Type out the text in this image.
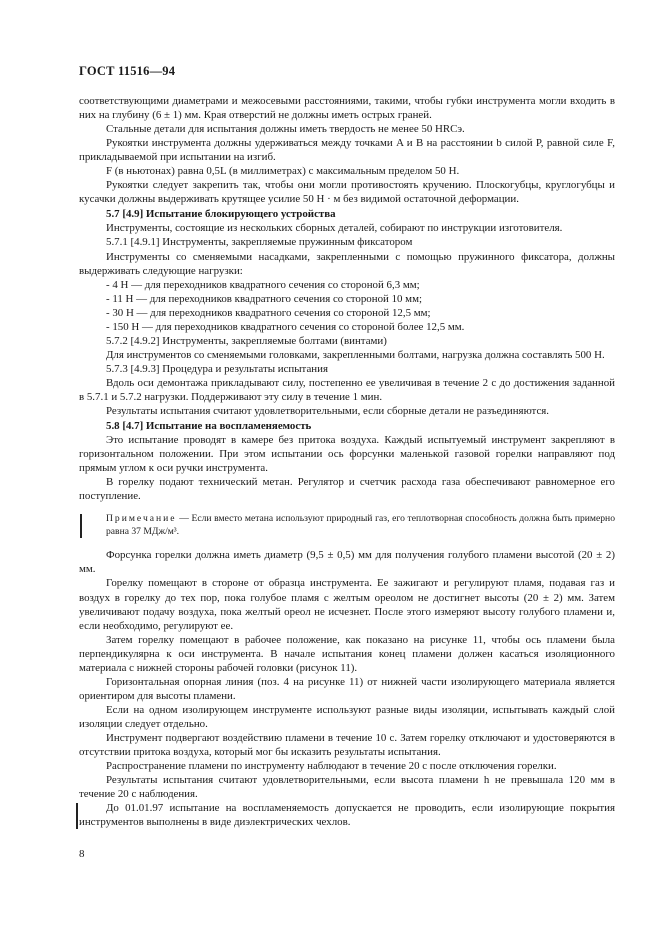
ГОСТ 11516—94

соответствующими диаметрами и межосевыми расстояниями, такими, чтобы губки инструмента могли входить в них на глубину (6 ± 1) мм. Края отверстий не должны иметь острых граней.

Стальные детали для испытания должны иметь твердость не менее 50 HRCэ.

Рукоятки инструмента должны удерживаться между точками A и B на расстоянии b силой P, равной силе F, прикладываемой при испытании на изгиб.

F (в ньютонах) равна 0,5L (в миллиметрах) с максимальным пределом 50 Н.

Рукоятки следует закрепить так, чтобы они могли противостоять кручению. Плоскогубцы, круглогубцы и кусачки должны выдерживать крутящее усилие 50 Н · м без видимой остаточной деформации.

5.7 [4.9] Испытание блокирующего устройства

Инструменты, состоящие из нескольких сборных деталей, собирают по инструкции изготовителя.

5.7.1 [4.9.1] Инструменты, закрепляемые пружинным фиксатором

Инструменты со сменяемыми насадками, закрепленными с помощью пружинного фиксатора, должны выдерживать следующие нагрузки:

- 4 Н — для переходников квадратного сечения со стороной 6,3 мм;

- 11 Н — для переходников квадратного сечения со стороной 10 мм;

- 30 Н — для переходников квадратного сечения со стороной 12,5 мм;

- 150 Н — для переходников квадратного сечения со стороной более 12,5 мм.

5.7.2 [4.9.2] Инструменты, закрепляемые болтами (винтами)

Для инструментов со сменяемыми головками, закрепленными болтами, нагрузка должна составлять 500 Н.

5.7.3 [4.9.3] Процедура и результаты испытания

Вдоль оси демонтажа прикладывают силу, постепенно ее увеличивая в течение 2 с до достижения заданной в 5.7.1 и 5.7.2 нагрузки. Поддерживают эту силу в течение 1 мин.

Результаты испытания считают удовлетворительными, если сборные детали не разъединяются.

5.8 [4.7] Испытание на воспламеняемость

Это испытание проводят в камере без притока воздуха. Каждый испытуемый инструмент закрепляют в горизонтальном положении. При этом испытании ось форсунки маленькой газовой горелки направляют под прямым углом к оси ручки инструмента.

В горелку подают технический метан. Регулятор и счетчик расхода газа обеспечивают равномерное его поступление.

Примечание — Если вместо метана используют природный газ, его теплотворная способность должна быть примерно равна 37 МДж/м³.

Форсунка горелки должна иметь диаметр (9,5 ± 0,5) мм для получения голубого пламени высотой (20 ± 2) мм.

Горелку помещают в стороне от образца инструмента. Ее зажигают и регулируют пламя, подавая газ и воздух в горелку до тех пор, пока голубое пламя с желтым ореолом не достигнет высоты (20 ± 2) мм. Затем увеличивают подачу воздуха, пока желтый ореол не исчезнет. После этого измеряют высоту голубого пламени и, если необходимо, регулируют ее.

Затем горелку помещают в рабочее положение, как показано на рисунке 11, чтобы ось пламени была перпендикулярна к оси инструмента. В начале испытания конец пламени должен касаться изоляционного материала с нижней стороны рабочей головки (рисунок 11).

Горизонтальная опорная линия (поз. 4 на рисунке 11) от нижней части изолирующего материала является ориентиром для высоты пламени.

Если на одном изолирующем инструменте используют разные виды изоляции, испытывать каждый слой изоляции следует отдельно.

Инструмент подвергают воздействию пламени в течение 10 с. Затем горелку отключают и удостоверяются в отсутствии притока воздуха, который мог бы исказить результаты испытания.

Распространение пламени по инструменту наблюдают в течение 20 с после отключения горелки.

Результаты испытания считают удовлетворительными, если высота пламени h не превышала 120 мм в течение 20 с наблюдения.

До 01.01.97 испытание на воспламеняемость допускается не проводить, если изолирующие покрытия инструментов выполнены в виде диэлектрических чехлов.

8
